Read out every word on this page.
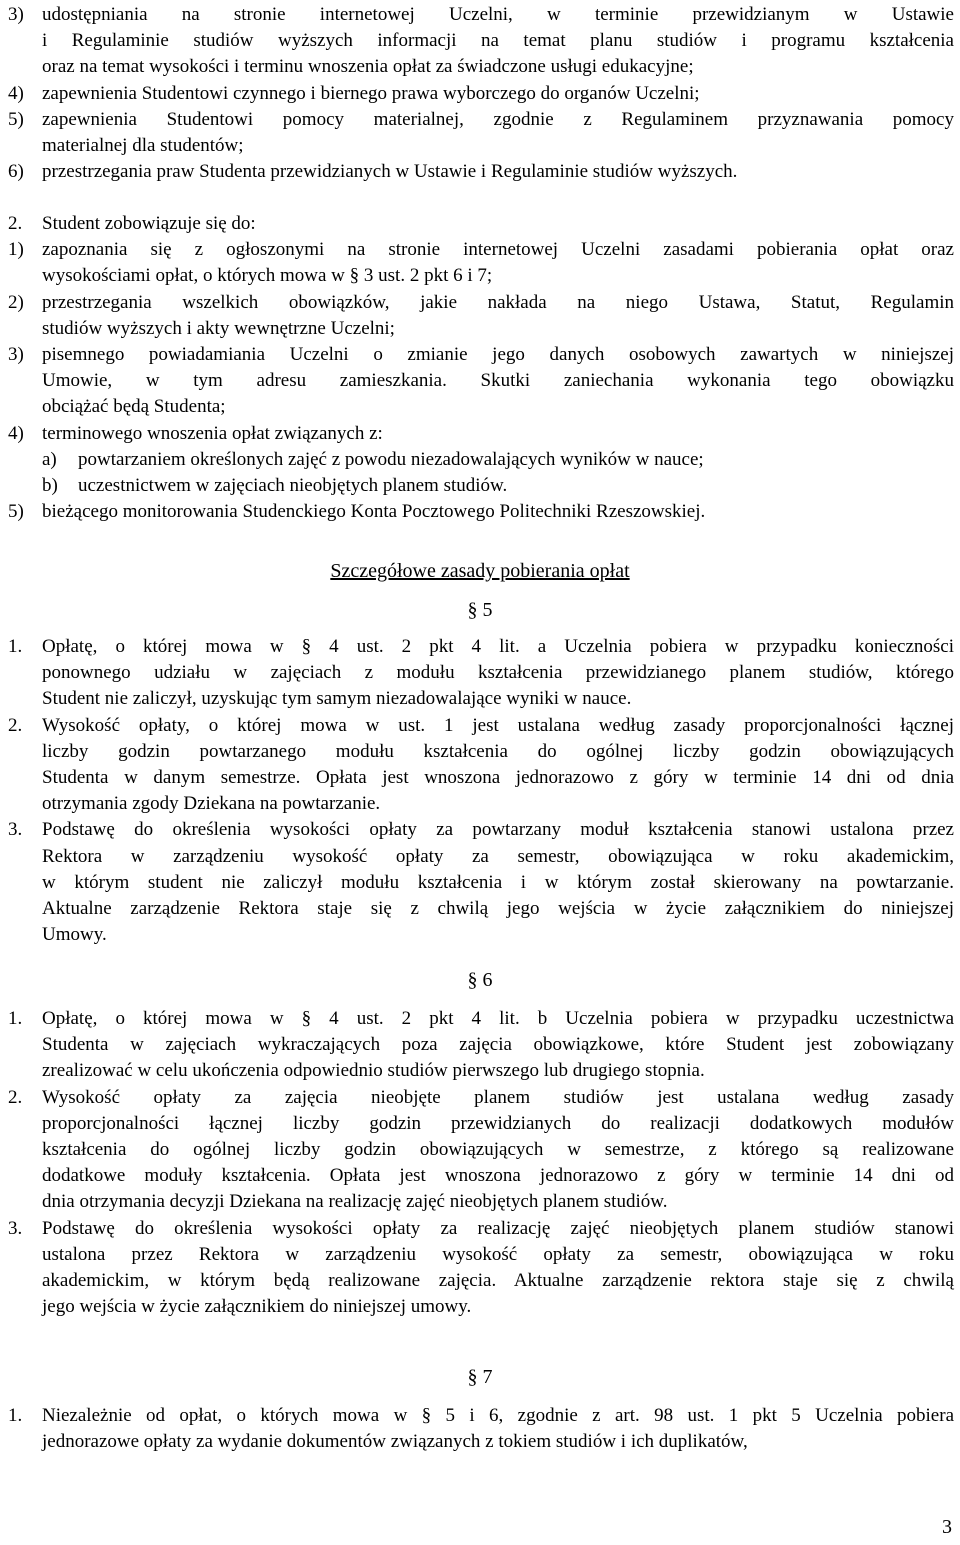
3) udostępniania na stronie internetowej Uczelni, w terminie przewidzianym w Ustawie
i Regulaminie studiów wyższych informacji na temat planu studiów i programu kształcenia
oraz na temat wysokości i terminu wnoszenia opłat za świadczone usługi edukacyjne;
4) zapewnienia Studentowi czynnego i biernego prawa wyborczego do organów Uczelni;
5) zapewnienia Studentowi pomocy materialnej, zgodnie z Regulaminem przyznawania pomocy
materialnej dla studentów;
6) przestrzegania praw Studenta przewidzianych w Ustawie i Regulaminie studiów wyższych.
2. Student zobowiązuje się do:
1) zapoznania się z ogłoszonymi na stronie internetowej Uczelni zasadami pobierania opłat oraz
wysokościami opłat, o których mowa w § 3 ust. 2 pkt 6 i 7;
2) przestrzegania wszelkich obowiązków, jakie nakłada na niego Ustawa, Statut, Regulamin
studiów wyższych i akty wewnętrzne Uczelni;
3) pisemnego powiadamiania Uczelni o zmianie jego danych osobowych zawartych w niniejszej
Umowie, w tym adresu zamieszkania. Skutki zaniechania wykonania tego obowiązku
obciążać będą Studenta;
4) terminowego wnoszenia opłat związanych z:
a) powtarzaniem określonych zajęć z powodu niezadowalających wyników w nauce;
b) uczestnictwem w zajęciach nieobjętych planem studiów.
5) bieżącego monitorowania Studenckiego Konta Pocztowego Politechniki Rzeszowskiej.
Szczegółowe zasady pobierania opłat
§ 5
1. Opłatę, o której mowa w § 4 ust. 2 pkt 4 lit. a Uczelnia pobiera w przypadku konieczności
ponownego udziału w zajęciach z modułu kształcenia przewidzianego planem studiów, którego
Student nie zaliczył, uzyskując tym samym niezadowalające wyniki w nauce.
2. Wysokość opłaty, o której mowa w ust. 1 jest ustalana według zasady proporcjonalności łącznej
liczby godzin powtarzanego modułu kształcenia do ogólnej liczby godzin obowiązujących
Studenta w danym semestrze. Opłata jest wnoszona jednorazowo z góry w terminie 14 dni od dnia
otrzymania zgody Dziekana na powtarzanie.
3. Podstawę do określenia wysokości opłaty za powtarzany moduł kształcenia stanowi ustalona przez
Rektora w zarządzeniu wysokość opłaty za semestr, obowiązująca w roku akademickim,
w którym student nie zaliczył modułu kształcenia i w którym został skierowany na powtarzanie.
Aktualne zarządzenie Rektora staje się z chwilą jego wejścia w życie załącznikiem do niniejszej
Umowy.
§ 6
1. Opłatę, o której mowa w § 4 ust. 2 pkt 4 lit. b Uczelnia pobiera w przypadku uczestnictwa
Studenta w zajęciach wykraczających poza zajęcia obowiązkowe, które Student jest zobowiązany
zrealizować w celu ukończenia odpowiednio studiów pierwszego lub drugiego stopnia.
2. Wysokość opłaty za zajęcia nieobjęte planem studiów jest ustalana według zasady
proporcjonalności łącznej liczby godzin przewidzianych do realizacji dodatkowych modułów
kształcenia do ogólnej liczby godzin obowiązujących w semestrze, z którego są realizowane
dodatkowe moduły kształcenia. Opłata jest wnoszona jednorazowo z góry w terminie 14 dni od
dnia otrzymania decyzji Dziekana na realizację zajęć nieobjętych planem studiów.
3. Podstawę do określenia wysokości opłaty za realizację zajęć nieobjętych planem studiów stanowi
ustalona przez Rektora w zarządzeniu wysokość opłaty za semestr, obowiązująca w roku
akademickim, w którym będą realizowane zajęcia. Aktualne zarządzenie rektora staje się z chwilą
jego wejścia w życie załącznikiem do niniejszej umowy.
§ 7
1. Niezależnie od opłat, o których mowa w § 5 i 6, zgodnie z art. 98 ust. 1 pkt 5 Uczelnia pobiera
jednorazowe opłaty za wydanie dokumentów związanych z tokiem studiów i ich duplikatów,
3
